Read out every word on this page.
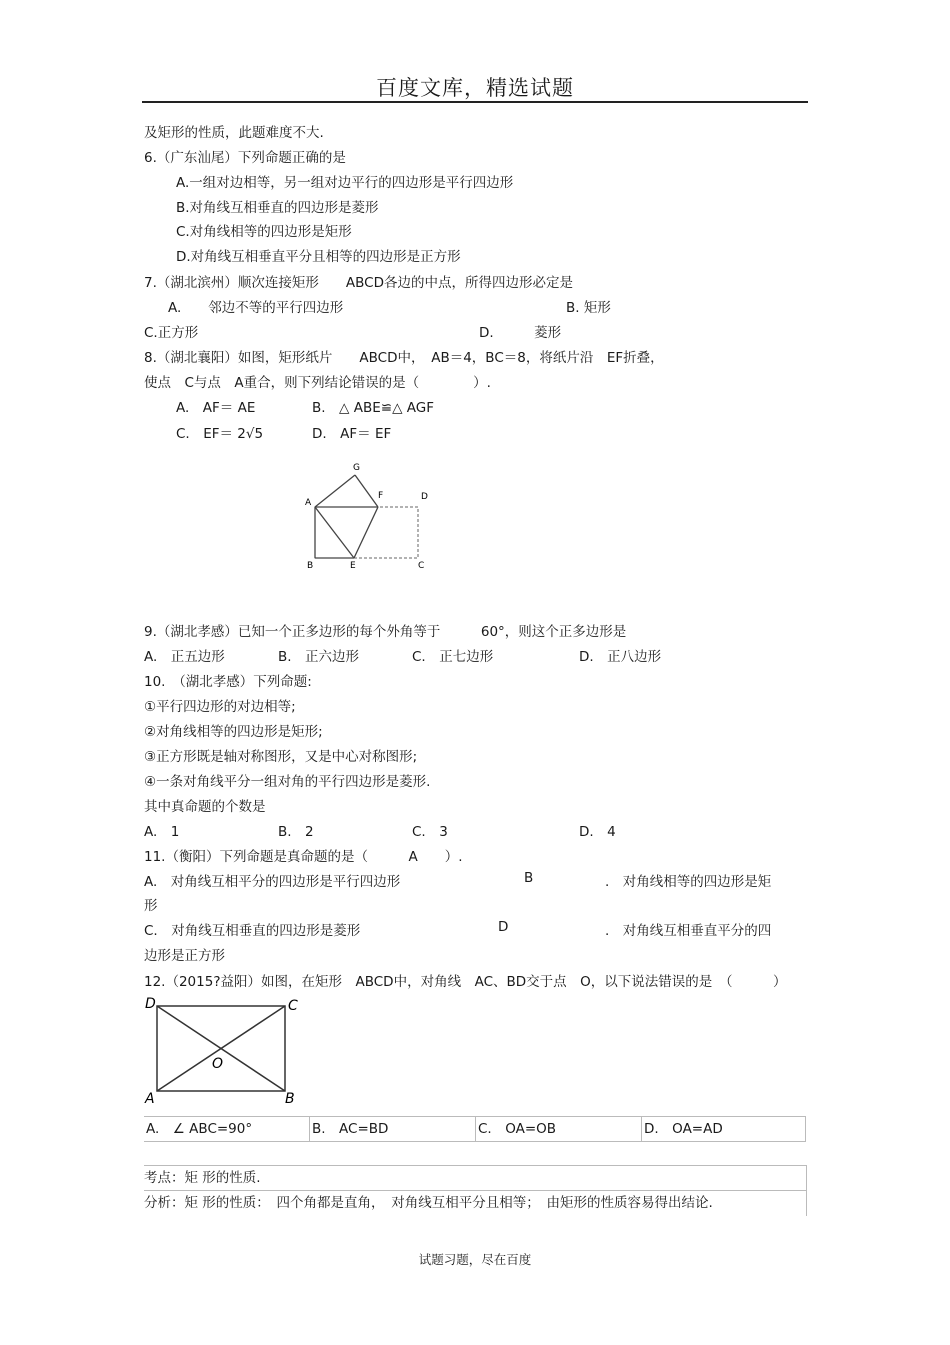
百度文库，精选试题
及矩形的性质，此题难度不大.
6.（广东汕尾）下列命题正确的是
A.一组对边相等，另一组对边平行的四边形是平行四边形
B.对角线互相垂直的四边形是菱形
C.对角线相等的四边形是矩形
D.对角线互相垂直平分且相等的四边形是正方形
7.（湖北滨州）顺次连接矩形　　ABCD各边的中点，所得四边形必定是
A.　　邻边不等的平行四边形	B. 矩形
C.正方形	D.　　　菱形
8.（湖北襄阳）如图，矩形纸片　　ABCD中，　AB＝4，BC＝8，将纸片沿　EF折叠，
使点　C与点　A重合，则下列结论错误的是（　　　　）.
A.　AF＝ AE	B.　△ ABE≌△ AGF
C.　EF＝ 2√5	D.　AF＝ EF
G
A
F	D
B	E	C
9.（湖北孝感）已知一个正多边形的每个外角等于　　　60°，则这个正多边形是
A.　正五边形	B.　正六边形	C.　正七边形	D.　正八边形
10.　（湖北孝感）下列命题:
①平行四边形的对边相等;
②对角线相等的四边形是矩形;
③正方形既是轴对称图形，又是中心对称图形;
④一条对角线平分一组对角的平行四边形是菱形.
其中真命题的个数是
A.　1	B.　2	C.　3	D.　4
11.（衡阳）下列命题是真命题的是（　　　A　　）.
A.　对角线互相平分的四边形是平行四边形	B	.　对角线相等的四边形是矩
形
C.　对角线互相垂直的四边形是菱形	D	.　对角线互相垂直平分的四
边形是正方形
12.（2015?益阳）如图，在矩形　ABCD中，对角线　AC、BD交于点　O，以下说法错误的是　（　　　）
D	C
O
A	B
A.　∠ ABC=90°	B.　AC=BD	C.　OA=OB	D.　OA=AD
考点：矩 形的性质.
分析：矩 形的性质：　四个角都是直角，　对角线互相平分且相等；　由矩形的性质容易得出结论.
试题习题，尽在百度
